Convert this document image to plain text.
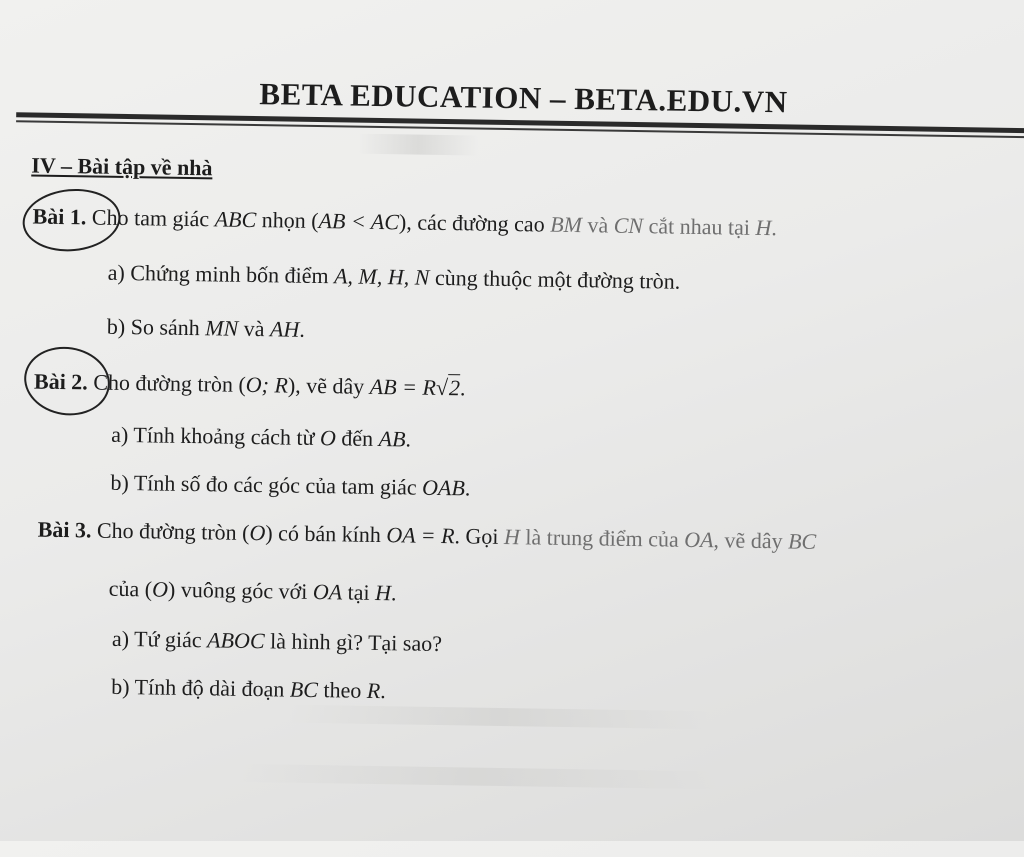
BETA EDUCATION – BETA.EDU.VN
IV – Bài tập về nhà
Bài 1. Cho tam giác ABC nhọn (AB < AC), các đường cao BM và CN cắt nhau tại H.
a) Chứng minh bốn điểm A, M, H, N cùng thuộc một đường tròn.
b) So sánh MN và AH.
Bài 2. Cho đường tròn (O; R), vẽ dây AB = R√2.
a) Tính khoảng cách từ O đến AB.
b) Tính số đo các góc của tam giác OAB.
Bài 3. Cho đường tròn (O) có bán kính OA = R. Gọi H là trung điểm của OA, vẽ dây BC
của (O) vuông góc với OA tại H.
a) Tứ giác ABOC là hình gì? Tại sao?
b) Tính độ dài đoạn BC theo R.
